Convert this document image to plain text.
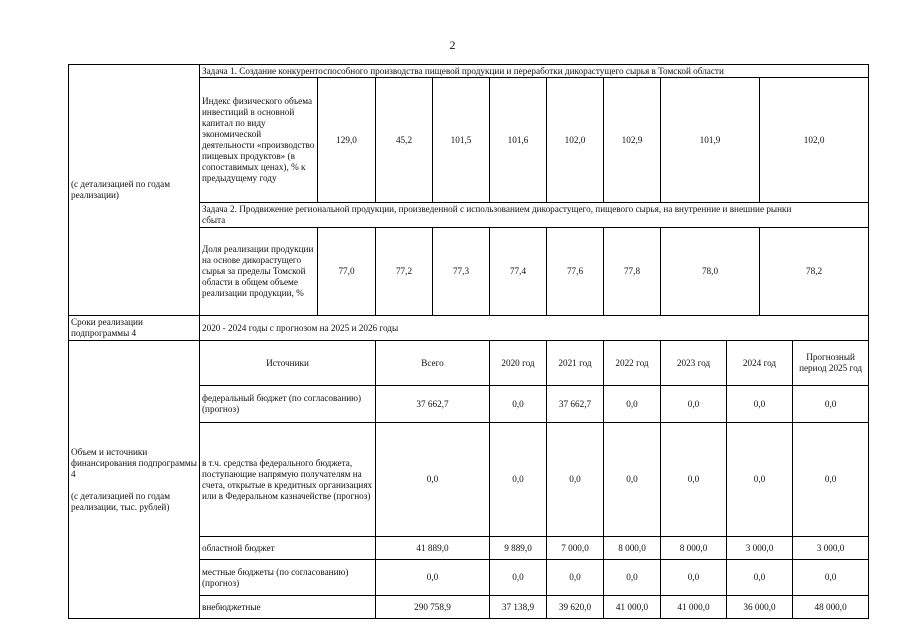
2
(с детализацией по годам реализации)	Задача 1. Создание конкурентоспособного производства пищевой продукции и переработки дикорастущего сырья в Томской области											
	Индекс физического объема инвестиций в основной капитал по виду экономической деятельности «производство пищевых продуктов» (в сопоставимых ценах), % к предыдущему году	129,0	45,2	101,5	101,6	102,0	102,9	101,9		102,0		
	Задача 2. Продвижение региональной продукции, произведенной с использованием дикорастущего, пищевого сырья, на внутренние и внешние рынки сбыта											
	Доля реализации продукции на основе дикорастущего сырья за пределы Томской области в общем объеме реализации продукции, %	77,0	77,2	77,3	77,4	77,6	77,8	78,0		78,2		
Сроки реализации подпрограммы 4	2020 - 2024 годы с прогнозом на 2025 и 2026 годы											

Объем и источники финансирования подпрограммы 4
(с детализацией по годам реализации, тыс. рублей)	Источники		Всего		2020 год	2021 год	2022 год	2023 год	2024 год		Прогнозный период 2025 год	
	федеральный бюджет (по согласованию) (прогноз)		37 662,7		0,0	37 662,7	0,0	0,0	0,0		0,0	
	в т.ч. средства федерального бюджета, поступающие напрямую получателям на счета, открытые в кредитных организациях или в Федеральном казначействе (прогноз)		0,0		0,0	0,0	0,0	0,0	0,0		0,0	
	областной бюджет		41 889,0		9 889,0	7 000,0	8 000,0	8 000,0	3 000,0		3 000,0	
	местные бюджеты (по согласованию) (прогноз)		0,0		0,0	0,0	0,0	0,0	0,0		0,0	
	внебюджетные		290 758,9		37 138,9	39 620,0	41 000,0	41 000,0	36 000,0		48 000,0	
